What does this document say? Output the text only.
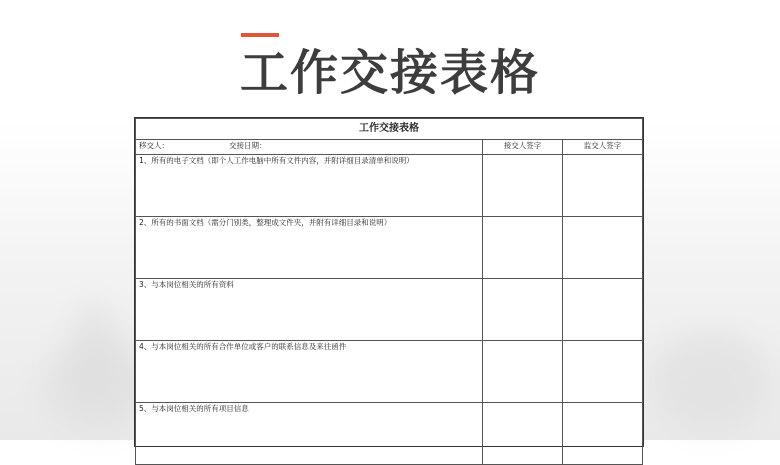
工作交接表格
工作交接表格		
移交人： 交接日期：	接交人签字	监交人签字
1、所有的电子文档（即个人工作电脑中所有文件内容，并附详细目录清单和说明）		
2、所有的书面文档（需分门别类，整理成文件夹，并附有详细目录和说明）		
3、与本岗位相关的所有资料		
4、与本岗位相关的所有合作单位或客户的联系信息及来往函件		
5、与本岗位相关的所有项目信息		
